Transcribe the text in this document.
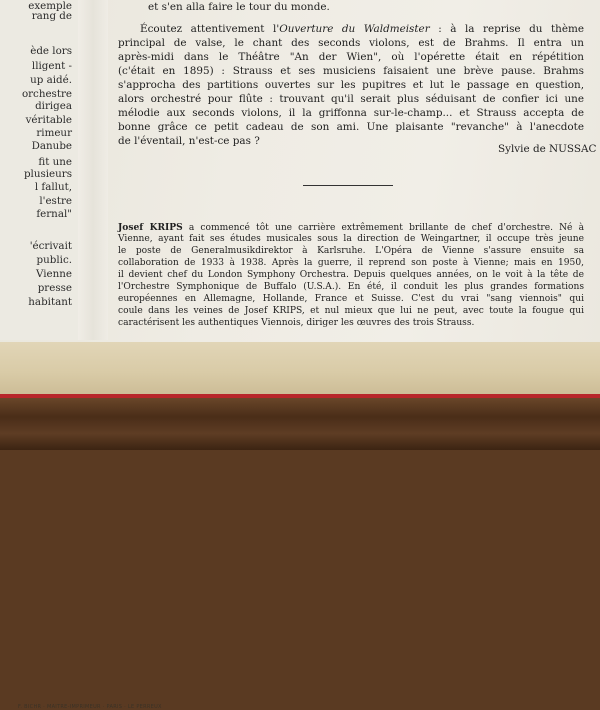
F. BICHR · MAITRE-IMPRIMEUR · PARIS · LE PERREUX
exemple
rang de
ède lors
lligent -
up aidé.
orchestre
dirigea
véritable
rimeur
Danube
fit une
plusieurs
l fallut,
l'estre
fernal"
'écrivait
public.
Vienne
presse
habitant
et s'en alla faire le tour du monde.
Écoutez attentivement l'Ouverture du Waldmeister : à la reprise du thème
principal de valse, le chant des seconds violons, est de Brahms. Il entra un
après-midi dans le Théâtre "An der Wien", où l'opérette était en répétition
(c'était en 1895) : Strauss et ses musiciens faisaient une brève pause. Brahms
s'approcha des partitions ouvertes sur les pupitres et lut le passage en question,
alors orchestré pour flûte : trouvant qu'il serait plus séduisant de confier ici une
mélodie aux seconds violons, il la griffonna sur-le-champ... et Strauss accepta de
bonne grâce ce petit cadeau de son ami. Une plaisante "revanche" à l'anecdote
de l'éventail, n'est-ce pas ?
Sylvie de NUSSAC
Josef KRIPS a commencé tôt une carrière extrêmement brillante de chef d'orchestre. Né à
Vienne, ayant fait ses études musicales sous la direction de Weingartner, il occupe très jeune
le poste de Generalmusikdirektor à Karlsruhe. L'Opéra de Vienne s'assure ensuite sa
collaboration de 1933 à 1938. Après la guerre, il reprend son poste à Vienne; mais en 1950,
il devient chef du London Symphony Orchestra. Depuis quelques années, on le voit à la tête de
l'Orchestre Symphonique de Buffalo (U.S.A.). En été, il conduit les plus grandes formations
européennes en Allemagne, Hollande, France et Suisse. C'est du vrai "sang viennois" qui
coule dans les veines de Josef KRIPS, et nul mieux que lui ne peut, avec toute la fougue qui
caractérisent les authentiques Viennois, diriger les œuvres des trois Strauss.
